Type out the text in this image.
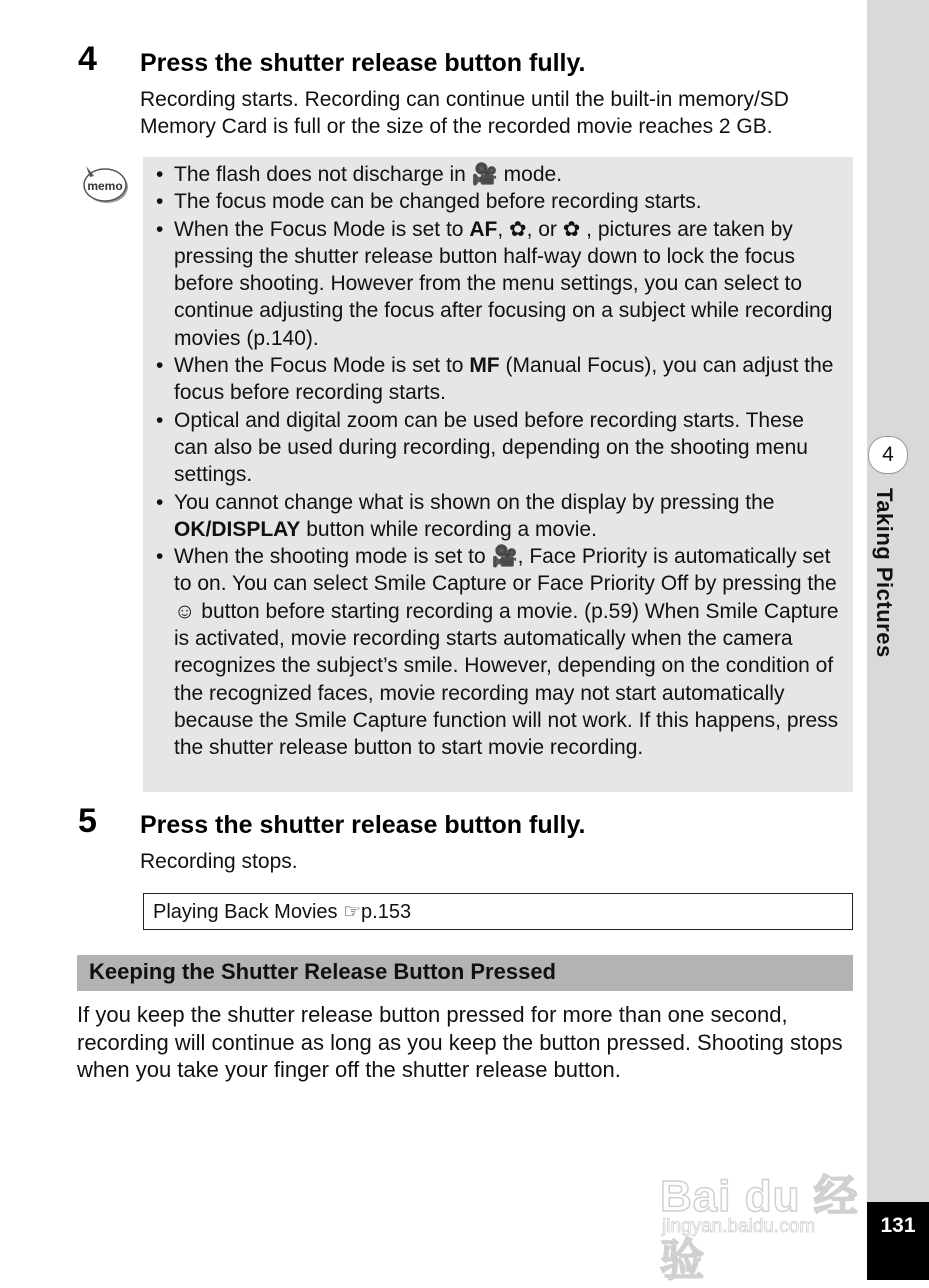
4
Taking Pictures
131
4 Press the shutter release button fully.
Recording starts. Recording can continue until the built-in memory/SD Memory Card is full or the size of the recorded movie reaches 2 GB.
memo
•	The flash does not discharge in 🎥 mode.
• The focus mode can be changed before recording starts.
• When the Focus Mode is set to AF, ✿, or ✿ , pictures are taken by pressing the shutter release button half-way down to lock the focus before shooting. However from the menu settings, you can select to continue adjusting the focus after focusing on a subject while recording movies (p.140).
• When the Focus Mode is set to MF (Manual Focus), you can adjust the focus before recording starts.
• Optical and digital zoom can be used before recording starts. These can also be used during recording, depending on the shooting menu settings.
• You cannot change what is shown on the display by pressing the OK/DISPLAY button while recording a movie.
• When the shooting mode is set to 🎥, Face Priority is automatically set to on. You can select Smile Capture or Face Priority Off by pressing the ☺ button before starting recording a movie. (p.59) When Smile Capture is activated, movie recording starts automatically when the camera recognizes the subject’s smile. However, depending on the condition of the recognized faces, movie recording may not start automatically because the Smile Capture function will not work. If this happens, press the shutter release button to start movie recording.
5 Press the shutter release button fully.
Recording stops.
Playing Back Movies ☞p.153
Keeping the Shutter Release Button Pressed
If you keep the shutter release button pressed for more than one second, recording will continue as long as you keep the button pressed. Shooting stops when you take your finger off the shutter release button.
Bai du 经验
jingyan.baidu.com
